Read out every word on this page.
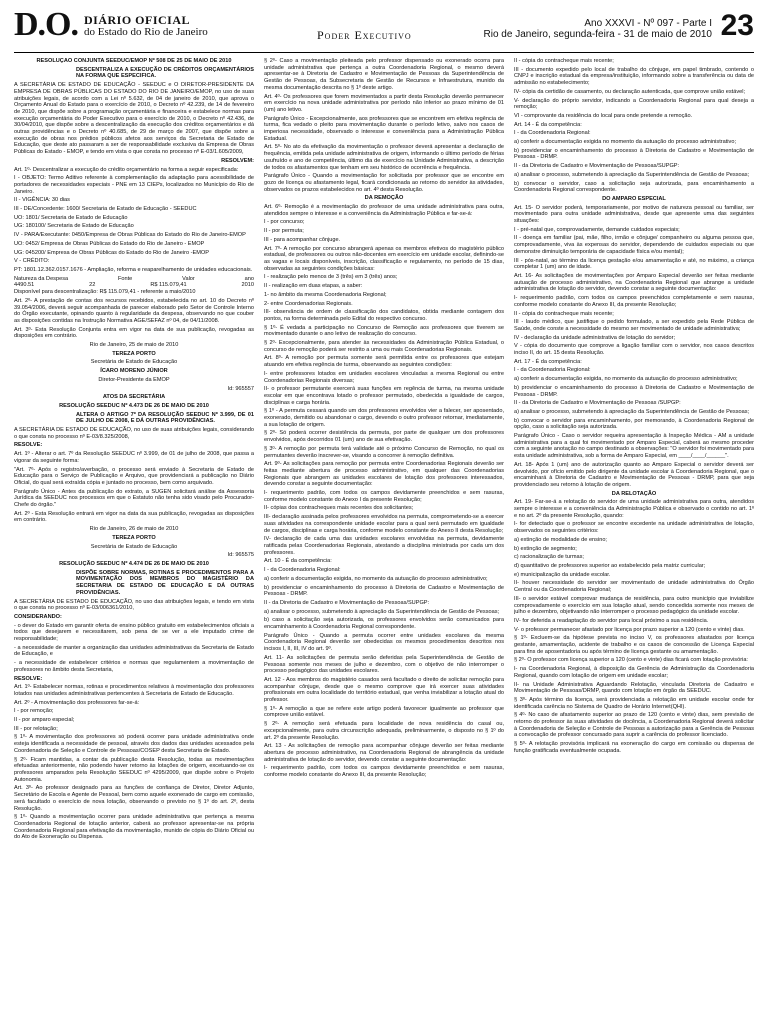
D.O. DIÁRIO OFICIAL
do Estado do Rio de Janeiro	Poder Executivo
Ano XXXVI - Nº 097 - Parte I
Rio de Janeiro, segunda-feira - 31 de maio de 2010 23

RESOLUÇÃO CONJUNTA SEEDUC/EMOP Nº 508 DE 25 DE MAIO DE 2010

DESCENTRALIZA A EXECUÇÃO DE CRÉDITOS ORÇAMENTÁRIOS NA FORMA QUE ESPECIFICA.

A SECRETÁRIA DE ESTADO DE EDUCAÇÃO - SEEDUC e O DIRETOR-PRESIDENTE DA EMPRESA DE OBRAS PÚBLICAS DO ESTADO DO RIO DE JANEIRO/EMOP, no uso de suas atribuições legais, de acordo com a Lei nº 5.632, de 04 de janeiro de 2010, que aprova o Orçamento Anual do Estado para o exercício de 2010, o Decreto nº 42.239, de 14 de fevereiro de 2010, que dispõe sobre a programação orçamentária e financeira e estabelece normas para execução orçamentária do Poder Executivo para o exercício de 2010, o Decreto nº 42.436, de 30/04/2010, que dispõe sobre a descentralização da execução dos créditos orçamentários e dá outras providências e o Decreto nº 40.685, de 29 de março de 2007, que dispõe sobre a execução de obras nos prédios públicos afetos aos serviços da Secretaria de Estado de Educação, que deste ato passaram a ser de responsabilidade exclusiva da Empresa de Obras Públicas do Estado - EMOP, e tendo em vista o que consta no processo nº E-03/1.605/2009,

RESOLVEM:

Art. 1º- Descentralizar a execução do crédito orçamentário na forma a seguir especificada:

I - OBJETO: Termo Aditivo referente à complementação da adaptação para acessibilidade de portadores de necessidades especiais - PNE em 13 CIEPs, localizados no Município do Rio de Janeiro.

II - VIGÊNCIA: 30 dias

III - DE/Concedente: 1600/ Secretaria de Estado de Educação - SEEDUC

UO: 1801/ Secretaria de Estado de Educação

UG: 180100/ Secretaria de Estado de Educação

IV - PARA/Executante: 0450/Empresa de Obras Públicas do Estado do Rio de Janeiro-EMOP

UO: 0452/ Empresa de Obras Públicas do Estado do Rio de Janeiro - EMOP

UG: 045200/ Empresa de Obras Públicas do Estado do Rio de Janeiro -EMOP

V - CRÉDITO:

PT: 1801.12.362.0157.1676 - Ampliação, reforma e reaparelhamento de unidades educacionais.

Natureza da Despesa	Fonte	Valor	ano
4490.51	22	R$ 115.079,41	2010

Disponível para descentralização: R$ 115.079,41 - referente a maio/2010

Art. 2º- A prestação de contas dos recursos recebidos, estabelecida no art. 10 do Decreto nº 39.054/2006, deverá seguir acompanhada de parecer elaborado pelo Setor de Controle Interno do Órgão executante, opinando quanto à regularidade da despesa, observando no que couber as disposições contidas na Instrução Normativa AGE/SEFAZ nº 04, de 04/11/2008.

Art. 3º- Esta Resolução Conjunta entra em vigor na data de sua publicação, revogadas as disposições em contrário.

Rio de Janeiro, 25 de maio de 2010

TEREZA PORTO

Secretária de Estado de Educação

ÍCARO MORENO JÚNIOR

Diretor-Presidente da EMOP

Id: 965557

ATOS DA SECRETÁRIA

RESOLUÇÃO SEEDUC Nº 4.473 DE 26 DE MAIO DE 2010

ALTERA O ARTIGO 7º DA RESOLUÇÃO SEEDUC Nº 3.999, DE 01 DE JULHO DE 2008, E DÁ OUTRAS PROVIDÊNCIAS.

A SECRETÁRIA DE ESTADO DE EDUCAÇÃO, no uso de suas atribuições legais, considerando o que consta no processo nº E-03/8.325/2008,

RESOLVE:

Art. 1º - Alterar o art. 7º da Resolução SEEDUC nº 3.999, de 01 de julho de 2008, que passa a vigorar da seguinte forma:

"Art. 7º- Após o registro/averbação, o processo será enviado à Secretaria de Estado de Educação para o Serviço de Publicação e Arquivo, que providenciará a publicação no Diário Oficial, do qual será extraída cópia e juntado no processo, bem como arquivado.

Parágrafo Único - Antes da publicação do extrato, a SUGEN solicitará análise da Assessoria Jurídica da SEEDUC nos processos em que o Estatuto não tenha sido visado pelo Procurador-Chefe do órgão."

Art. 2º - Esta Resolução entrará em vigor na data da sua publicação, revogadas as disposições em contrário.

Rio de Janeiro, 26 de maio de 2010

TEREZA PORTO

Secretária de Estado de Educação

Id: 965575

RESOLUÇÃO SEEDUC Nº 4.474 DE 26 DE MAIO DE 2010

DISPÕE SOBRE NORMAS, ROTINAS E PROCEDIMENTOS PARA A MOVIMENTAÇÃO DOS MEMBROS DO MAGISTÉRIO DA SECRETARIA DE ESTADO DE EDUCAÇÃO E DÁ OUTRAS PROVIDÊNCIAS.

A SECRETÁRIA DE ESTADO DE EDUCAÇÃO, no uso das atribuições legais, e tendo em vista o que consta no processo nº E-03/006361/2010,

CONSIDERANDO:

- o dever do Estado em garantir oferta de ensino público gratuito em estabelecimentos oficiais a todos que desejarem e necessitarem, sob pena de se ver a ele imputado crime de responsabilidade;

- a necessidade de manter a organização das unidades administrativas da Secretaria de Estado de Educação, e

- a necessidade de estabelecer critérios e normas que regulamentem a movimentação de professores no âmbito desta Secretaria,

RESOLVE:

Art. 1º- Estabelecer normas, rotinas e procedimentos relativos à movimentação dos professores lotados nas unidades administrativas pertencentes à Secretaria de Estado de Educação.

Art. 2º - A movimentação dos professores far-se-á:

I - por remoção;

II - por amparo especial;

III - por relotação;

§ 1º- A movimentação dos professores só poderá ocorrer para unidade administrativa onde esteja identificada a necessidade de pessoal, através dos dados das unidades acessados pela Coordenadoria de Seleção e Controle de Pessoas/COSEP desta Secretaria de Estado.

§ 2º- Ficam mantidas, a contar da publicação desta Resolução, todas as movimentações efetuadas anteriormente, não podendo haver retorno às lotações de origem, excetuando-se os professores amparados pela Resolução SEEDUC nº 4295/2009, que dispõe sobre o Projeto Autonomia.

Art. 3º- Ao professor designado para as funções de confiança de Diretor, Diretor Adjunto, Secretário de Escola e Agente de Pessoal, bem como aquele exonerado de cargo em comissão, será facultado o exercício de nova lotação, observando o previsto no § 1º do art. 2º, desta Resolução.

§ 1º- Quando a movimentação ocorrer para unidade administrativa que pertença a mesma Coordenadoria Regional de lotação anterior, caberá ao professor apresentar-se na própria Coordenadoria Regional para efetivação da movimentação, munido de cópia do Diário Oficial ou do Ato de Exoneração ou Dispensa.

§ 2º- Caso a movimentação pleiteada pelo professor dispensado ou exonerado ocorra para unidade administrativa que pertença a outra Coordenadoria Regional, o mesmo deverá apresentar-se à Diretoria de Cadastro e Movimentação de Pessoas da Superintendência de Gestão de Pessoas, da Subsecretaria de Gestão de Recursos e Infraestrutura, munido da mesma documentação descrita no § 1º deste artigo.

Art. 4º- Os professores que forem movimentados a partir desta Resolução deverão permanecer em exercício na nova unidade administrativa por período não inferior ao prazo mínimo de 01 (um) ano letivo.

Parágrafo Único - Excepcionalmente, aos professores que se encontrem em efetiva regência de turma, fica vedado o pleito para movimentação durante o período letivo, salvo nos casos de imperiosa necessidade, observado o interesse e conveniência para a Administração Pública Estadual.

Art. 5º- No ato da efetivação da movimentação o professor deverá apresentar a declaração de frequência, emitida pela unidade administrativa de origem, informando o último período de férias usufruído e ano de competência, último dia de exercício na Unidade Administrativa, a descrição de todos os afastamentos que tenham em seu histórico de ocorrência e frequência.

Parágrafo Único - Quando a movimentação for solicitada por professor que se encontre em gozo de licença ou afastamento legal, ficará condicionada ao retorno do servidor às atividades, observados os prazos estabelecidos no art. 4º desta Resolução.

DA REMOÇÃO

Art. 6º- Remoção é a movimentação do professor de uma unidade administrativa para outra, atendidos sempre o interesse e a conveniência da Administração Pública e far-se-á:

I - por concurso;

II - por permuta;

III - para acompanhar cônjuge.

Art. 7º- A remoção por concurso abrangerá apenas os membros efetivos do magistério público estadual, de professores ou outros não-docentes em exercício em unidade escolar, definindo-se as vagas e locais disponíveis, inscrição, classificação e regulamento, no período de 15 dias, observadas as seguintes condições básicas:

I - realização pelo menos de 3 (três) em 3 (três) anos;

II - realização em duas etapas, a saber:

1- no âmbito da mesma Coordenadoria Regional;

2- entre Coordenadorias Regionais.

III- observância de ordem de classificação dos candidatos, obtida mediante contagem dos pontos, na forma determinada pelo Edital do respectivo concurso.

§ 1º- É vedada a participação no Concurso de Remoção aos professores que tiverem se movimentado durante o ano letivo de realização do concurso.

§ 2º- Excepcionalmente, para atender às necessidades da Administração Pública Estadual, o concurso de remoção poderá ser restrito a uma ou mais Coordenadorias Regionais.

Art. 8º- A remoção por permuta somente será permitida entre os professores que estejam atuando em efetiva regência de turma, observando as seguintes condições:

I- entre professores lotados em unidades escolares vinculadas a mesma Regional ou entre Coordenadorias Regionais diversas;

II- o professor permutante exercerá suas funções em regência de turma, na mesma unidade escolar em que encontrava lotado o professor permutado, obedecida a igualdade de cargos, disciplinas e carga horária.

§ 1º - A permuta cessará quando um dos professores envolvidos vier a falecer, ser aposentado, exonerado, demitido ou abandonar o cargo, devendo o outro professor retornar, imediatamente, a sua lotação de origem.

§ 2º- Só poderá ocorrer desistência da permuta, por parte de qualquer um dos professores envolvidos, após decorridos 01 (um) ano de sua efetivação.

§ 3º- A remoção por permuta terá validade até o próximo Concurso de Remoção, no qual os permutantes deverão inscrever-se, visando a concorrer à remoção definitiva.

Art. 9º- As solicitações para remoção por permuta entre Coordenadorias Regionais deverão ser feitas mediante abertura de processo administrativo, em qualquer das Coordenadorias Regionais que abrangem as unidades escolares de lotação dos professores interessados, devendo constar a seguinte documentação:

I- requerimento padrão, com todos os campos devidamente preenchidos e sem rasuras, conforme modelo constante do Anexo I da presente Resolução;

II- cópias dos contracheques mais recentes dos solicitantes;

III- declaração assinada pelos professores envolvidos na permuta, comprometendo-se a exercer suas atividades na correspondente unidade escolar para a qual será permutado em igualdade de cargos, disciplinas e carga horária, conforme modelo constante do Anexo II desta Resolução;

IV- declaração de cada uma das unidades escolares envolvidas na permuta, devidamente ratificada pelas Coordenadorias Regionais, atestando a disciplina ministrada por cada um dos professores.

Art. 10 - É da competência:

I - da Coordenadoria Regional:

a) conferir a documentação exigida, no momento da autuação do processo administrativo;

b) providenciar o encaminhamento do processo à Diretoria de Cadastro e Movimentação de Pessoas - DRMP.

II - da Diretoria de Cadastro e Movimentação de Pessoas/SUPGP:

a) analisar o processo, submetendo à apreciação da Superintendência de Gestão de Pessoas;

b) caso a solicitação seja autorizada, os professores envolvidos serão comunicados para encaminhamento à Coordenadoria Regional correspondente.

Parágrafo Único - Quando a permuta ocorrer entre unidades escolares da mesma Coordenadoria Regional deverão ser obedecidas os mesmos procedimentos descritos nos incisos I, II, III, IV do art. 9º.

Art. 11- As solicitações de permuta serão deferidas pela Superintendência de Gestão de Pessoas somente nos meses de julho e dezembro, com o objetivo de não interromper o processo pedagógico das unidades escolares.

Art. 12 - Aos membros do magistério casados será facultado o direito de solicitar remoção para acompanhar cônjuge, desde que o mesmo comprove que irá exercer suas atividades profissionais em outra localidade do território estadual, que venha inviabilizar a lotação atual do professor.

§ 1º- A remoção a que se refere este artigo poderá favorecer igualmente ao professor que comprove união estável.

§ 2º- A remoção será efetuada para localidade de nova residência do casal ou, excepcionalmente, para outra circunscrição adequada, preliminarmente, o disposto no § 1º do art. 2º da presente Resolução.

Art. 13 - As solicitações de remoção para acompanhar cônjuge deverão ser feitas mediante abertura de processo administrativo, na Coordenadoria Regional de abrangência da unidade administrativa de lotação do servidor, devendo constar a seguinte documentação:

I- requerimento padrão, com todos os campos devidamente preenchidos e sem rasuras, conforme modelo constante do Anexo III, da presente Resolução;

II - cópia do contracheque mais recente;

III - documento expedido pelo local de trabalho do cônjuge, em papel timbrado, contendo o CNPJ e inscrição estadual da empresa/instituição, informando sobre a transferência ou data de admissão no estabelecimento;

IV- cópia da certidão de casamento, ou declaração autenticada, que comprove união estável;

V- declaração do próprio servidor, indicando a Coordenadoria Regional para qual deseja a remoção;

VI - comprovante da residência do local para onde pretende a remoção.

Art. 14 - É da competência:

I - da Coordenadoria Regional:

a) conferir a documentação exigida no momento da autuação do processo administrativo;

b) providenciar o encaminhamento do processo à Diretoria de Cadastro e Movimentação de Pessoas - DRMP.

II - da Diretoria de Cadastro e Movimentação de Pessoas/SUPGP:

a) analisar o processo, submetendo à apreciação da Superintendência de Gestão de Pessoas;

b) convocar o servidor, caso a solicitação seja autorizada, para encaminhamento a Coordenadoria Regional correspondente.

DO AMPARO ESPECIAL

Art. 15- O servidor poderá, temporariamente, por motivo de natureza pessoal ou familiar, ser movimentado para outra unidade administrativa, desde que apresente uma das seguintes situações:

I - pré-natal que, comprovadamente, demande cuidados especiais;

II - doença em familiar (pai, mãe, filho, irmão e cônjuge/ companheiro ou alguma pessoa que, comprovadamente, viva às expensas do servidor, dependendo de cuidados especiais ou que demonstre diminuição temporária de capacidade física e/ou mental);

III - pós-natal, ao término da licença gestação e/ou amamentação e até, no máximo, a criança completar 1 (um) ano de idade.

Art. 16- As solicitações de movimentações por Amparo Especial deverão ser feitas mediante autuação de processo administrativo, na Coordenadoria Regional que abrange a unidade administrativa de lotação do servidor, devendo constar a seguinte documentação:

I- requerimento padrão, com todos os campos preenchidos completamente e sem rasuras, conforme modelo constante do Anexo III, da presente Resolução;

II - cópia do contracheque mais recente;

III - laudo médico, que justifique o pedido formulado, a ser expedido pela Rede Pública de Saúde, onde conste a necessidade do mesmo ser movimentado de unidade administrativa;

IV - declaração da unidade administrativa de lotação do servidor;

V - cópia do documento que comprove a ligação familiar com o servidor, nos casos descritos inciso II, do art. 15 desta Resolução.

Art. 17 - É da competência:

I - da Coordenadoria Regional:

a) conferir a documentação exigida, no momento da autuação do processo administrativo;

b) providenciar o encaminhamento do processo à Diretoria de Cadastro e Movimentação de Pessoas - DRMP.

II - da Diretoria de Cadastro e Movimentação de Pessoas /SUPGP:

a) analisar o processo, submetendo à apreciação da Superintendência de Gestão de Pessoas;

b) convocar o servidor para encaminhamento, por memorando, à Coordenadoria Regional de opção, caso a solicitação seja autorizada.

Parágrafo Único - Caso o servidor requeira apresentação à Inspeção Médica - AM a unidade administrativa para a qual foi movimentado por Amparo Especial, caberá ao mesmo proceder com a seguinte anotação no campo destinado a observações: "O servidor foi movimentado para esta unidade administrativa, sob a forma de Amparo Especial, em ____/____/______".

Art. 18- Após 1 (um) ano de autorização quanto ao Amparo Especial o servidor deverá ser devolvido, por ofício emitido pelo dirigente da unidade escolar à Coordenadoria Regional, que o encaminhará à Diretoria de Cadastro e Movimentação de Pessoas - DRMP, para que seja providenciado seu retorno à lotação de origem.

DA RELOTAÇÃO

Art. 19- Far-se-á a relotação do servidor de uma unidade administrativa para outra, atendidos sempre o interesse e a conveniência da Administração Pública e observado o contido no art. 1º e no art. 2º da presente Resolução, quando:

I- for detectado que o professor se encontre excedente na unidade administrativa de lotação, observados os seguintes critérios:

a) extinção de modalidade de ensino;

b) extinção de segmento;

c) racionalização de turmas;

d) quantitativo de professores superior ao estabelecido pela matriz curricular;

e) municipalização da unidade escolar.

II- houver necessidade do servidor ser movimentado de unidade administrativa do Órgão Central ou da Coordenadoria Regional;

III- o servidor estável comprovar mudança de residência, para outro município que inviabilize comprovadamente o exercício em sua lotação atual, sendo concedida somente nos meses de julho e dezembro, objetivando não interromper o processo pedagógico da unidade escolar.

IV- for deferida a readaptação do servidor para local próximo a sua residência.

V- o professor permanecer afastado por licença por prazo superior a 120 (cento e vinte) dias.

§ 1º- Excluem-se da hipótese prevista no inciso V, os professores afastados por licença gestante, amamentação, acidente de trabalho e os casos de concessão de Licença Especial para fins de aposentadoria ou após término de licença gestante ou amamentação.

§ 2º- O professor com licença superior a 120 (cento e vinte) dias ficará com lotação provisória:

I- na Coordenadoria Regional, à disposição da Gerência de Administração da Coordenadoria Regional, quando com lotação de origem em unidade escolar;

II- na Unidade Administrativa Aguardando Relotação, vinculada Diretoria de Cadastro e Movimentação de Pessoas/DRMP, quando com lotação em órgão da SEEDUC.

§ 3º- Após término da licença, será providenciada a relotação em unidade escolar onde for identificada carência no Sistema de Quadro de Horário Internet(QHI).

§ 4º- No caso de afastamento superior ao prazo de 120 (cento e vinte) dias, sem previsão de retorno do professor às suas atividades de docência, a Coordenadoria Regional deverá solicitar à Coordenadoria de Seleção e Controle de Pessoas a autorização para a Gerência de Pessoas a convocação de professor concursado para suprir a carência do professor licenciado.

§ 5º- A relotação provisória implicará na exoneração do cargo em comissão ou dispensa de função gratificada eventualmente ocupada.
